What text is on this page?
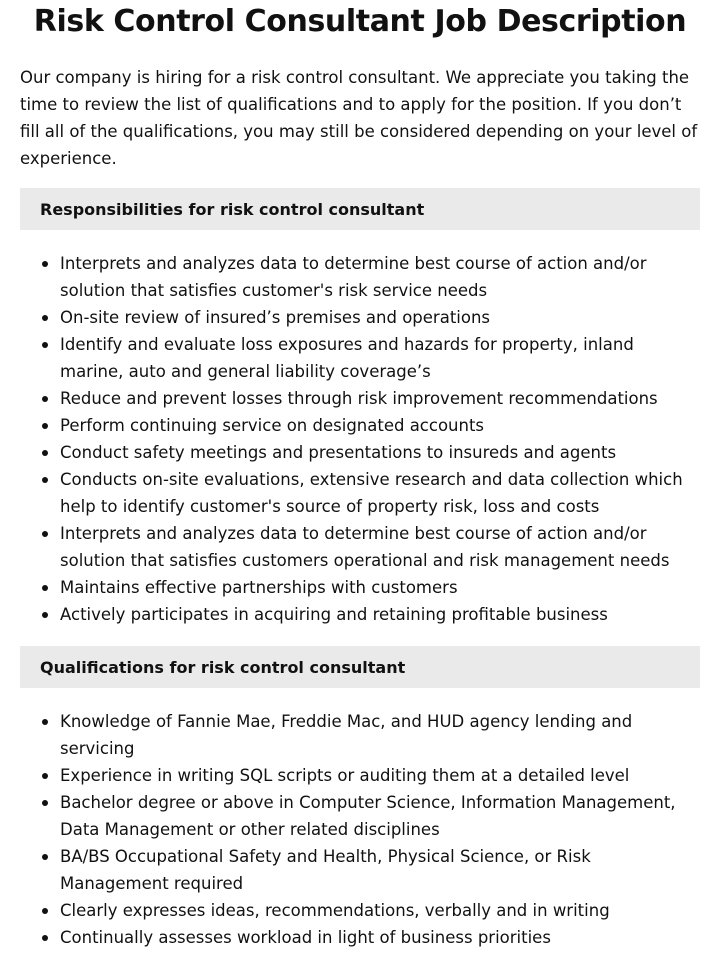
Risk Control Consultant Job Description

Our company is hiring for a risk control consultant. We appreciate you taking the time to review the list of qualifications and to apply for the position. If you don’t fill all of the qualifications, you may still be considered depending on your level of experience.

Responsibilities for risk control consultant
Interprets and analyzes data to determine best course of action and/or solution that satisfies customer's risk service needs
On-site review of insured’s premises and operations
Identify and evaluate loss exposures and hazards for property, inland marine, auto and general liability coverage’s
Reduce and prevent losses through risk improvement recommendations
Perform continuing service on designated accounts
Conduct safety meetings and presentations to insureds and agents
Conducts on-site evaluations, extensive research and data collection which help to identify customer's source of property risk, loss and costs
Interprets and analyzes data to determine best course of action and/or solution that satisfies customers operational and risk management needs
Maintains effective partnerships with customers
Actively participates in acquiring and retaining profitable business
Qualifications for risk control consultant
Knowledge of Fannie Mae, Freddie Mac, and HUD agency lending and servicing
Experience in writing SQL scripts or auditing them at a detailed level
Bachelor degree or above in Computer Science, Information Management, Data Management or other related disciplines
BA/BS Occupational Safety and Health, Physical Science, or Risk Management required
Clearly expresses ideas, recommendations, verbally and in writing
Continually assesses workload in light of business priorities
